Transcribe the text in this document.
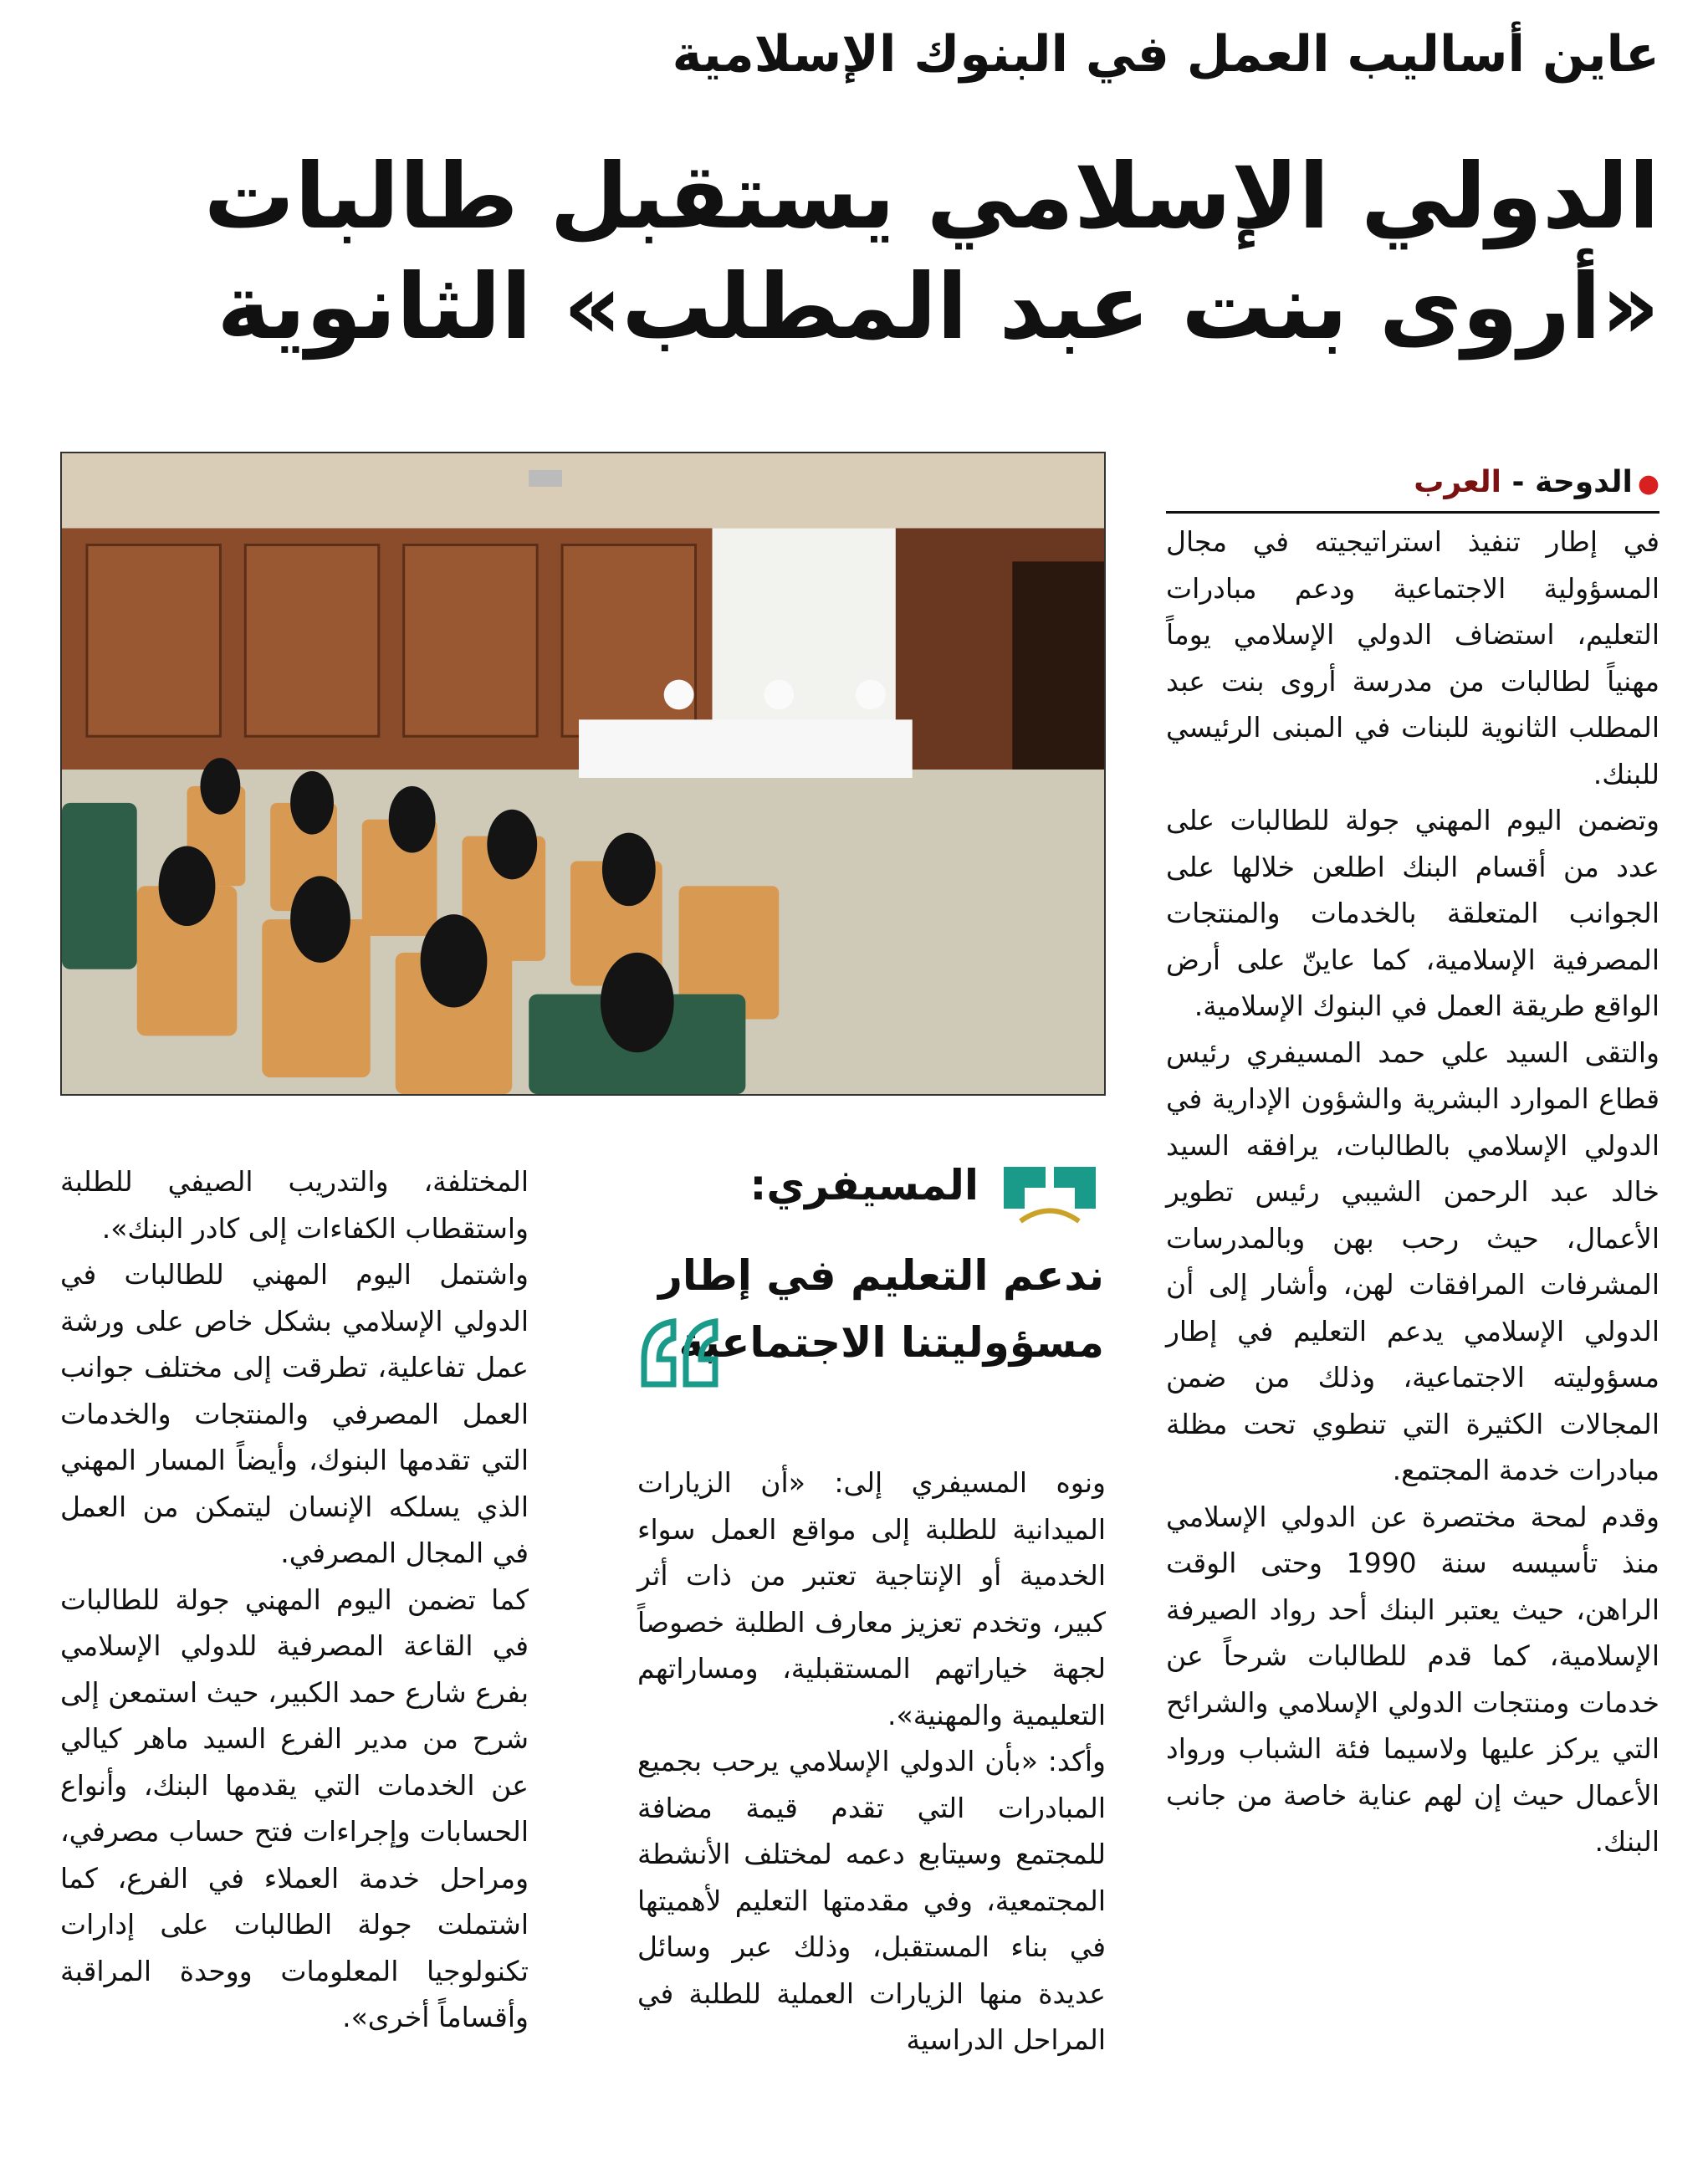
عاين أساليب العمل في البنوك الإسلامية
الدولي الإسلامي يستقبل طالبات
«أروى بنت عبد المطلب» الثانوية
●الدوحة - العرب

في إطار تنفيذ استراتيجيته في مجال المسؤولية الاجتماعية ودعم مبادرات التعليم، استضاف الدولي الإسلامي يوماً مهنياً لطالبات من مدرسة أروى بنت عبد المطلب الثانوية للبنات في المبنى الرئيسي للبنك.

وتضمن اليوم المهني جولة للطالبات على عدد من أقسام البنك اطلعن خلالها على الجوانب المتعلقة بالخدمات والمنتجات المصرفية الإسلامية، كما عاينّ على أرض الواقع طريقة العمل في البنوك الإسلامية.

والتقى السيد علي حمد المسيفري رئيس قطاع الموارد البشرية والشؤون الإدارية في الدولي الإسلامي بالطالبات، يرافقه السيد خالد عبد الرحمن الشيبي رئيس تطوير الأعمال، حيث رحب بهن وبالمدرسات المشرفات المرافقات لهن، وأشار إلى أن الدولي الإسلامي يدعم التعليم في إطار مسؤوليته الاجتماعية، وذلك من ضمن المجالات الكثيرة التي تنطوي تحت مظلة مبادرات خدمة المجتمع.

وقدم لمحة مختصرة عن الدولي الإسلامي منذ تأسيسه سنة 1990 وحتى الوقت الراهن، حيث يعتبر البنك أحد رواد الصيرفة الإسلامية، كما قدم للطالبات شرحاً عن خدمات ومنتجات الدولي الإسلامي والشرائح التي يركز عليها ولاسيما فئة الشباب ورواد الأعمال حيث إن لهم عناية خاصة من جانب البنك.

المسيفري:
ندعم التعليم في إطار
مسؤوليتنا الاجتماعية

ونوه المسيفري إلى: «أن الزيارات الميدانية للطلبة إلى مواقع العمل سواء الخدمية أو الإنتاجية تعتبر من ذات أثر كبير، وتخدم تعزيز معارف الطلبة خصوصاً لجهة خياراتهم المستقبلية، ومساراتهم التعليمية والمهنية».

وأكد: «بأن الدولي الإسلامي يرحب بجميع المبادرات التي تقدم قيمة مضافة للمجتمع وسيتابع دعمه لمختلف الأنشطة المجتمعية، وفي مقدمتها التعليم لأهميتها في بناء المستقبل، وذلك عبر وسائل عديدة منها الزيارات العملية للطلبة في المراحل الدراسية

المختلفة، والتدريب الصيفي للطلبة واستقطاب الكفاءات إلى كادر البنك».

واشتمل اليوم المهني للطالبات في الدولي الإسلامي بشكل خاص على ورشة عمل تفاعلية، تطرقت إلى مختلف جوانب العمل المصرفي والمنتجات والخدمات التي تقدمها البنوك، وأيضاً المسار المهني الذي يسلكه الإنسان ليتمكن من العمل في المجال المصرفي.

كما تضمن اليوم المهني جولة للطالبات في القاعة المصرفية للدولي الإسلامي بفرع شارع حمد الكبير، حيث استمعن إلى شرح من مدير الفرع السيد ماهر كيالي عن الخدمات التي يقدمها البنك، وأنواع الحسابات وإجراءات فتح حساب مصرفي، ومراحل خدمة العملاء في الفرع، كما اشتملت جولة الطالبات على إدارات تكنولوجيا المعلومات ووحدة المراقبة وأقساماً أخرى».
